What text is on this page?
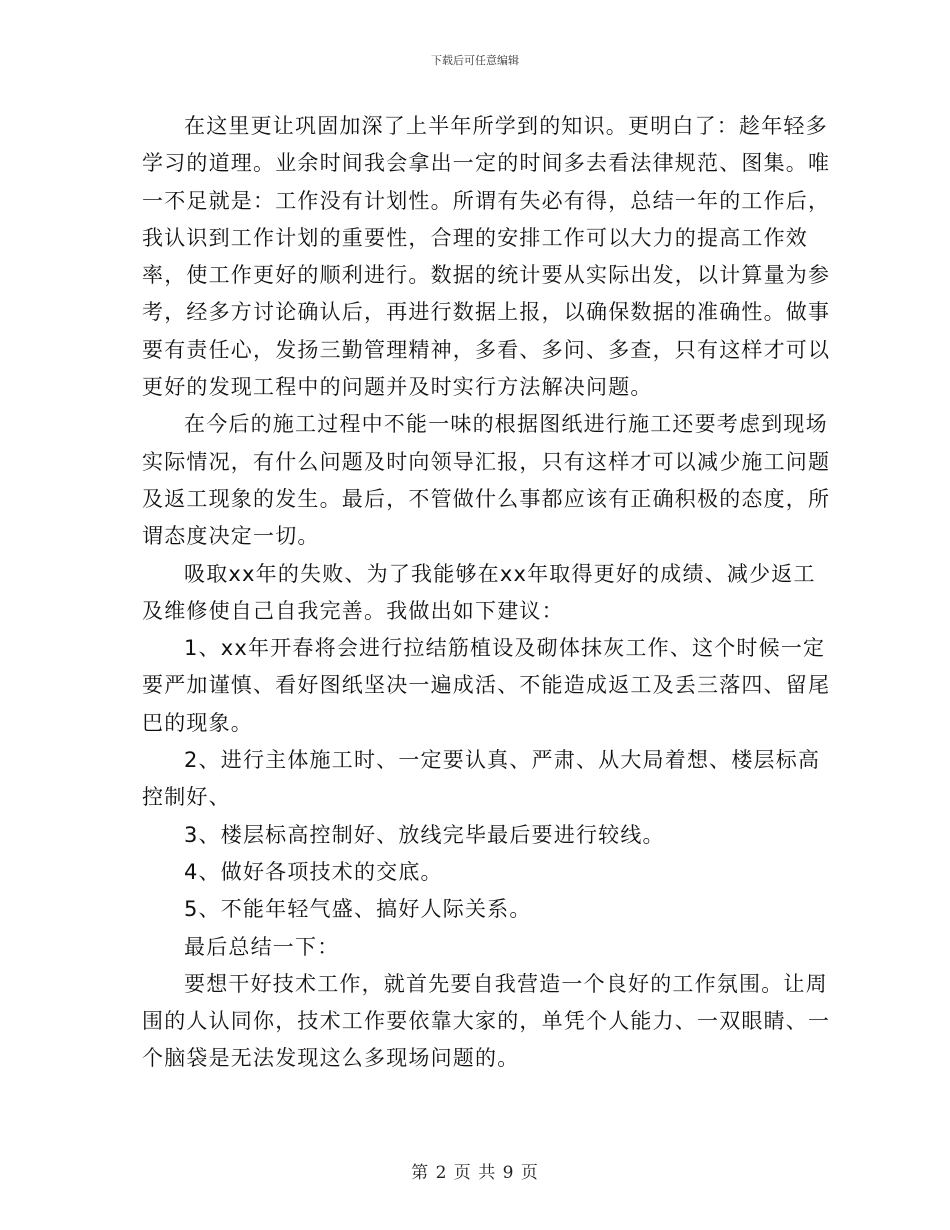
下载后可任意编辑

在这里更让巩固加深了上半年所学到的知识。更明白了：趁年轻多学习的道理。业余时间我会拿出一定的时间多去看法律规范、图集。唯一不足就是：工作没有计划性。所谓有失必有得，总结一年的工作后，我认识到工作计划的重要性，合理的安排工作可以大力的提高工作效率，使工作更好的顺利进行。数据的统计要从实际出发，以计算量为参考，经多方讨论确认后，再进行数据上报，以确保数据的准确性。做事要有责任心，发扬三勤管理精神，多看、多问、多查，只有这样才可以更好的发现工程中的问题并及时实行方法解决问题。

在今后的施工过程中不能一味的根据图纸进行施工还要考虑到现场实际情况，有什么问题及时向领导汇报，只有这样才可以减少施工问题及返工现象的发生。最后，不管做什么事都应该有正确积极的态度，所谓态度决定一切。

吸取xx年的失败、为了我能够在xx年取得更好的成绩、减少返工及维修使自己自我完善。我做出如下建议：

1、xx年开春将会进行拉结筋植设及砌体抹灰工作、这个时候一定要严加谨慎、看好图纸坚决一遍成活、不能造成返工及丢三落四、留尾巴的现象。

2、进行主体施工时、一定要认真、严肃、从大局着想、楼层标高控制好、

3、楼层标高控制好、放线完毕最后要进行较线。

4、做好各项技术的交底。

5、不能年轻气盛、搞好人际关系。

最后总结一下：

要想干好技术工作，就首先要自我营造一个良好的工作氛围。让周围的人认同你，技术工作要依靠大家的，单凭个人能力、一双眼睛、一个脑袋是无法发现这么多现场问题的。

第 2 页 共 9 页
